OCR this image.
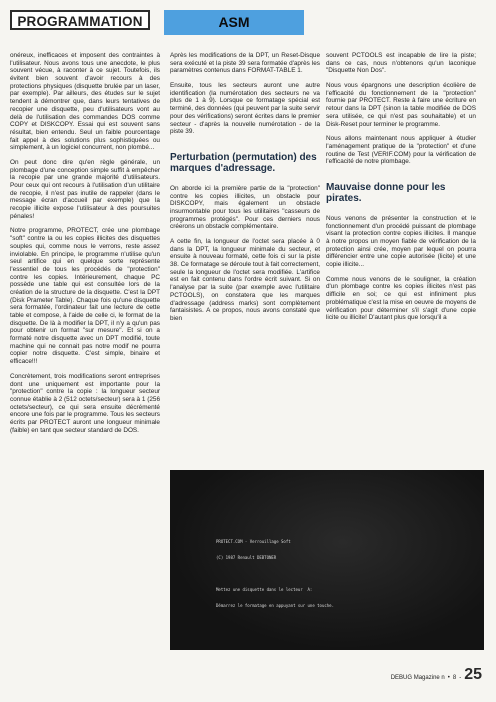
PROGRAMMATION	ASM

onéreux, inefficaces et imposent des contraintes à l'utilisateur. Nous avons tous une anecdote, le plus souvent vécue, à raconter à ce sujet. Toutefois, ils évitent bien souvent d'avoir recours à des protections physiques (disquette brulée par un laser, par exemple). Par ailleurs, des études sur le sujet tendent à démontrer que, dans leurs tentatives de recopier une disquette, peu d'utilisateurs vont au delà de l'utilisation des commandes DOS comme COPY et DISKCOPY. Essai qui est souvent sans résultat, bien entendu. Seul un faible pourcentage fait appel à des solutions plus sophistiquées ou simplement, à un logiciel concurrent, non plombé...

On peut donc dire qu'en règle générale, un plombage d'une conception simple suffit à empêcher la recopie par une grande majorité d'utilisateurs. Pour ceux qui ont recours à l'utilisation d'un utilitaire de recopie, il n'est pas inutile de rappeler (dans le message écran d'accueil par exemple) que la recopie illicite expose l'utilisateur à des poursuites pénales!

Notre programme, PROTECT, crée une plombage "soft" contre la ou les copies illicites des disquettes souples qui, comme nous le verrons, reste assez inviolable. En principe, le programme n'utilise qu'un seul artifice qui en quelque sorte représente l'essentiel de tous les procédés de "protection" contre les copies. Intérieurement, chaque PC possède une table qui est consultée lors de la création de la structure de la disquette. C'est la DPT (Disk Prameter Table). Chaque fois qu'une disquette sera formatée, l'ordinateur fait une lecture de cette table et compose, à l'aide de celle ci, le format de la disquette. De là à modifier la DPT, il n'y a qu'un pas pour obtenir un format "sur mesure". Et si on a formaté notre disquette avec un DPT modifié, toute machine qui ne connait pas notre modif ne pourra copier notre disquette. C'est simple, binaire et efficace!!!

Concrètement, trois modifications seront entreprises dont une uniquement est importante pour la "protection" contre la copie : la longueur secteur connue établie à 2 (512 octets/secteur) sera à 1 (256 octets/secteur), ce qui sera ensuite décrémenté encore une fois par le programme. Tous les secteurs écrits par PROTECT auront une longueur minimale (faible) en tant que secteur standard de DOS.

Après les modifications de la DPT, un Reset-Disque sera exécuté et la piste 39 sera formatée d'après les paramètres contenus dans FORMAT-TABLE 1.

Ensuite, tous les secteurs auront une autre identification (la numérotation des secteurs ne va plus de 1 à 9). Lorsque ce formatage spécial est terminé, des données (qui peuvent par la suite servir pour des vérifications) seront écrites dans le premier secteur - d'après la nouvelle numérotation - de la piste 39.

Perturbation (permutation) des marques d'adressage.

On aborde ici la première partie de la "protection" contre les copies illicites, un obstacle pour DISKCOPY, mais également un obstacle insurmontable pour tous les utilitaires "casseurs de programmes protégés". Pour ces derniers nous créerons un obstacle complémentaire.

A cette fin, la longueur de l'octet sera placée à 0 dans la DPT, la longueur minimale du secteur, et ensuite à nouveau formaté, cette fois ci sur la piste 38. Ce formatage se déroule tout à fait correctement, seule la longueur de l'octet sera modifiée. L'artifice est en fait contenu dans l'ordre écrit suivant. Si on l'analyse par la suite (par exemple avec l'utilitaire PCTOOLS), on constatera que les marques d'adressage (address marks) sont complètement fantaisistes. A ce propos, nous avons constaté que bien

souvent PCTOOLS est incapable de lire la piste; dans ce cas, nous n'obtenons qu'un laconique "Disquette Non Dos".

Nous vous épargnons une description écolière de l'efficacité du fonctionnement de la "protection" fournie par PROTECT. Reste à faire une écriture en retour dans la DPT (sinon la table modifiée de DOS sera utilisée, ce qui n'est pas souhaitable) et un Disk-Reset pour terminer le programme.

Nous allons maintenant nous appliquer à étudier l'aménagement pratique de la "protection" et d'une routine de Test (VERIF.COM) pour la vérification de l'efficacité de notre plombage.

Mauvaise donne pour les pirates.

Nous venons de présenter la construction et le fonctionnement d'un procédé puissant de plombage visant la protection contre copies illicites. Il manque à notre propos un moyen fiable de vérification de la protection ainsi crée, moyen par lequel on pourra différencier entre une copie autorisée (licite) et une copie illicite...

Comme nous venons de le souligner, la création d'un plombage contre les copies illicites n'est pas difficile en soi; ce qui est infiniment plus problématique c'est la mise en oeuvre de moyens de vérification pour déterminer s'il s'agit d'une copie licite ou illicite! D'autant plus que lorsqu'il a

PROTECT.COM - Verrouillage Soft

(C) 1987 Renault DEBTONER

Mettez une disquette dans le lecteur  A:

Démarrez le formatage en appuyant sur une touche.

DEBUG Magazine n • 8 - 25
